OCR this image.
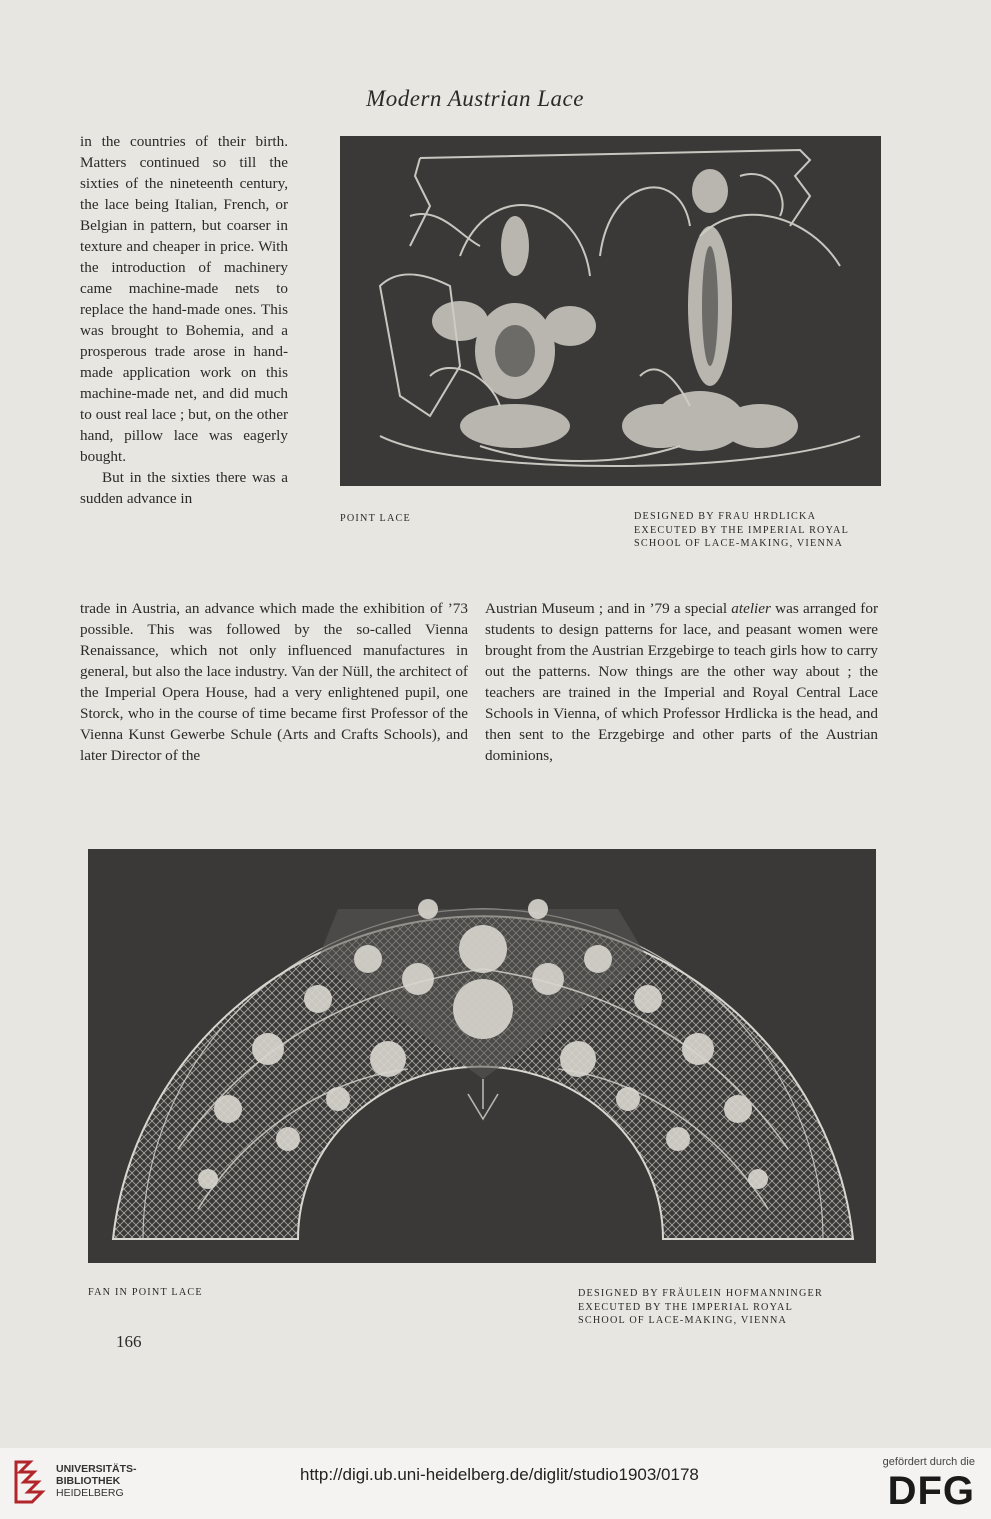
Modern Austrian Lace

in the countries of their birth. Matters continued so till the sixties of the nineteenth century, the lace being Italian, French, or Belgian in pattern, but coarser in texture and cheaper in price. With the introduction of machinery came machine-made nets to replace the hand-made ones. This was brought to Bohemia, and a prosperous trade arose in hand-made application work on this machine-made net, and did much to oust real lace ; but, on the other hand, pillow lace was eagerly bought.

But in the sixties there was a sudden advance in

POINT LACE	DESIGNED BY FRAU HRDLICKA
EXECUTED BY THE IMPERIAL ROYAL
SCHOOL OF LACE-MAKING, VIENNA

trade in Austria, an advance which made the exhibition of ’73 possible. This was followed by the so-called Vienna Renaissance, which not only influenced manufactures in general, but also the lace industry. Van der Nüll, the architect of the Imperial Opera House, had a very enlightened pupil, one Storck, who in the course of time became first Professor of the Vienna Kunst Gewerbe Schule (Arts and Crafts Schools), and later Director of the

Austrian Museum ; and in ’79 a special atelier was arranged for students to design patterns for lace, and peasant women were brought from the Austrian Erzgebirge to teach girls how to carry out the patterns. Now things are the other way about ; the teachers are trained in the Imperial and Royal Central Lace Schools in Vienna, of which Professor Hrdlicka is the head, and then sent to the Erzgebirge and other parts of the Austrian dominions,

FAN IN POINT LACE	DESIGNED BY FRÄULEIN HOFMANNINGER
EXECUTED BY THE IMPERIAL ROYAL
SCHOOL OF LACE-MAKING, VIENNA
166
UNIVERSITÄTS-
BIBLIOTHEK
HEIDELBERG
http://digi.ub.uni-heidelberg.de/diglit/studio1903/0178
gefördert durch die
DFG
